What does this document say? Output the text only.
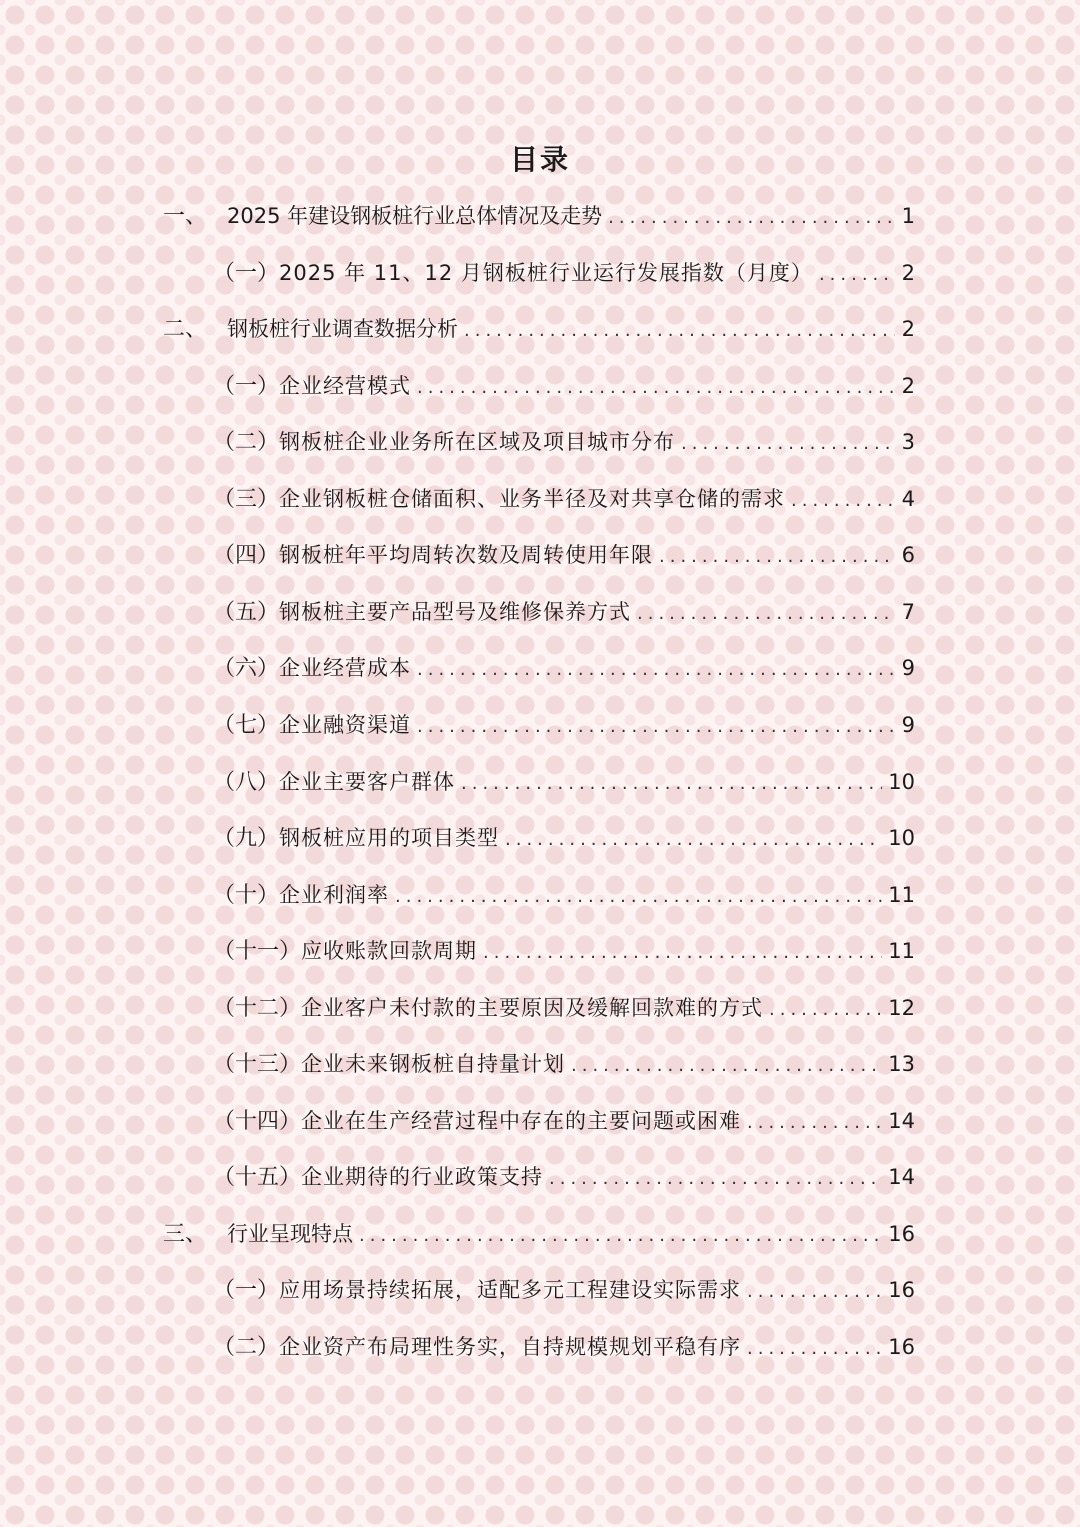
目录
一、 2025 年建设钢板桩行业总体情况及走势 .....	1
（一） 2025 年 11、12 月钢板桩行业运行发展指数（月度） .....	2
二、 钢板桩行业调查数据分析 .....	2
（一） 企业经营模式 .....	2
（二） 钢板桩企业业务所在区域及项目城市分布 .....	3
（三） 企业钢板桩仓储面积、业务半径及对共享仓储的需求 .....	4
（四） 钢板桩年平均周转次数及周转使用年限 .....	6
（五） 钢板桩主要产品型号及维修保养方式 .....	7
（六） 企业经营成本 .....	9
（七） 企业融资渠道 .....	9
（八） 企业主要客户群体 .....	10
（九） 钢板桩应用的项目类型 .....	10
（十） 企业利润率 .....	11
（十一） 应收账款回款周期 .....	11
（十二） 企业客户未付款的主要原因及缓解回款难的方式 .....	12
（十三） 企业未来钢板桩自持量计划 .....	13
（十四） 企业在生产经营过程中存在的主要问题或困难 .....	14
（十五） 企业期待的行业政策支持 .....	14
三、 行业呈现特点 .....	16
（一） 应用场景持续拓展，适配多元工程建设实际需求 .....	16
（二） 企业资产布局理性务实，自持规模规划平稳有序 .....	16
